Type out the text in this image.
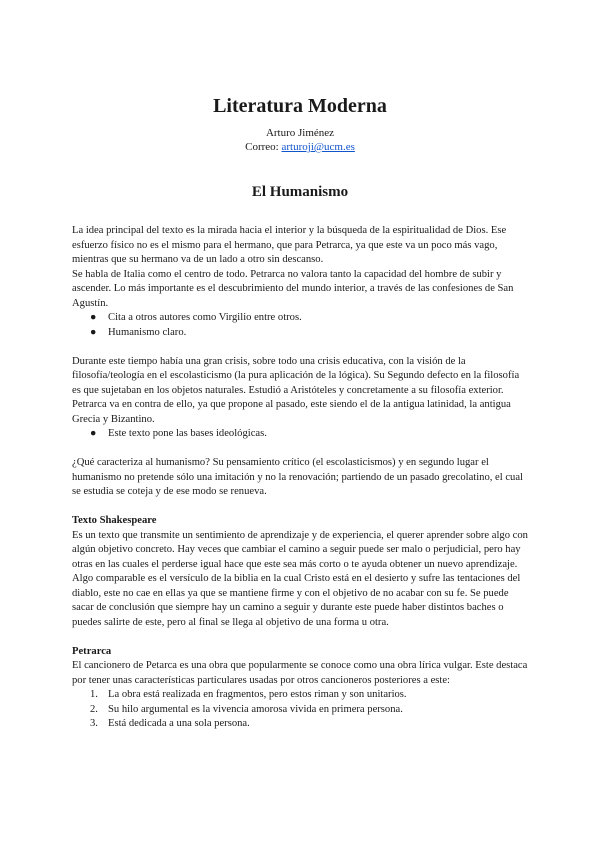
Literatura Moderna
Arturo Jiménez
Correo: arturoji@ucm.es
El Humanismo

La idea principal del texto es la mirada hacia el interior y la búsqueda de la espiritualidad de Dios. Ese esfuerzo físico no es el mismo para el hermano, que para Petrarca, ya que este va un poco más vago, mientras que su hermano va de un lado a otro sin descanso.

Se habla de Italia como el centro de todo. Petrarca no valora tanto la capacidad del hombre de subir y ascender. Lo más importante es el descubrimiento del mundo interior, a través de las confesiones de San Agustín.

● Cita a otros autores como Virgilio entre otros.
● Humanismo claro.

Durante este tiempo había una gran crisis, sobre todo una crisis educativa, con la visión de la filosofía/teología en el escolasticismo (la pura aplicación de la lógica). Su Segundo defecto en la filosofía es que sujetaban en los objetos naturales. Estudió a Aristóteles y concretamente a su filosofía exterior.

Petrarca va en contra de ello, ya que propone al pasado, este siendo el de la antigua latinidad, la antigua Grecia y Bizantino.

● Este texto pone las bases ideológicas.

¿Qué caracteriza al humanismo? Su pensamiento crítico (el escolasticismos) y en segundo lugar el humanismo no pretende sólo una imitación y no la renovación; partiendo de un pasado grecolatino, el cual se estudia se coteja y de ese modo se renueva.

Texto Shakespeare

Es un texto que transmite un sentimiento de aprendizaje y de experiencia, el querer aprender sobre algo con algún objetivo concreto. Hay veces que cambiar el camino a seguir puede ser malo o perjudicial, pero hay otras en las cuales el perderse igual hace que este sea más corto o te ayuda obtener un nuevo aprendizaje. Algo comparable es el versículo de la biblia en la cual Cristo está en el desierto y sufre las tentaciones del diablo, este no cae en ellas ya que se mantiene firme y con el objetivo de no acabar con su fe. Se puede sacar de conclusión que siempre hay un camino a seguir y durante este puede haber distintos baches o puedes salirte de este, pero al final se llega al objetivo de una forma u otra.

Petrarca

El cancionero de Petarca es una obra que popularmente se conoce como una obra lírica vulgar. Este destaca por tener unas características particulares usadas por otros cancioneros posteriores a este:

1. La obra está realizada en fragmentos, pero estos riman y son unitarios.
2. Su hilo argumental es la vivencia amorosa vivida en primera persona.
3. Está dedicada a una sola persona.
